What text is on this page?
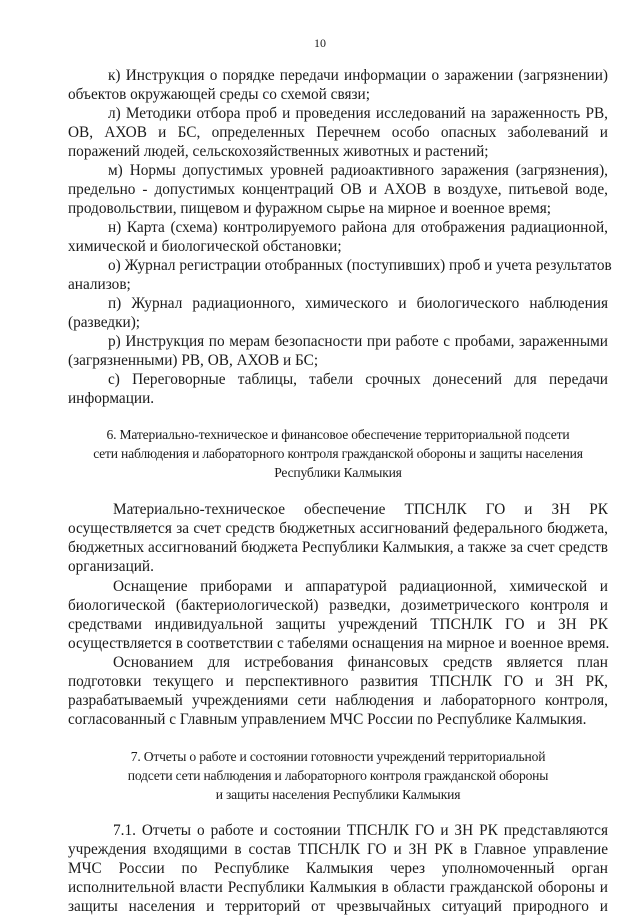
10
к) Инструкция о порядке передачи информации о заражении (загрязнении)
объектов окружающей среды со схемой связи;
л) Методики отбора проб и проведения исследований на зараженность РВ,
ОВ, АХОВ и БС, определенных Перечнем особо опасных заболеваний и
поражений людей, сельскохозяйственных животных и растений;
м) Нормы допустимых уровней радиоактивного заражения (загрязнения),
предельно - допустимых концентраций ОВ и АХОВ в воздухе, питьевой воде,
продовольствии, пищевом и фуражном сырье на мирное и военное время;
н) Карта (схема) контролируемого района для отображения радиационной,
химической и биологической обстановки;
о) Журнал регистрации отобранных (поступивших) проб и учета результатов
анализов;
п) Журнал радиационного, химического и биологического наблюдения
(разведки);
р) Инструкция по мерам безопасности при работе с пробами, зараженными
(загрязненными) РВ, ОВ, АХОВ и БС;
с) Переговорные таблицы, табели срочных донесений для передачи
информации.
6. Материально-техническое и финансовое обеспечение территориальной подсети
сети наблюдения и лабораторного контроля гражданской обороны и защиты населения
Республики Калмыкия
Материально-техническое обеспечение ТПСНЛК ГО и ЗН РК
осуществляется за счет средств бюджетных ассигнований федерального бюджета,
бюджетных ассигнований бюджета Республики Калмыкия, а также за счет средств
организаций.
Оснащение приборами и аппаратурой радиационной, химической и
биологической (бактериологической) разведки, дозиметрического контроля и
средствами индивидуальной защиты учреждений ТПСНЛК ГО и ЗН РК
осуществляется в соответствии с табелями оснащения на мирное и военное время.
Основанием для истребования финансовых средств является план
подготовки текущего и перспективного развития ТПСНЛК ГО и ЗН РК,
разрабатываемый учреждениями сети наблюдения и лабораторного контроля,
согласованный с Главным управлением МЧС России по Республике Калмыкия.
7. Отчеты о работе и состоянии готовности учреждений территориальной
подсети сети наблюдения и лабораторного контроля гражданской обороны
и защиты населения Республики Калмыкия
7.1. Отчеты о работе и состоянии ТПСНЛК ГО и ЗН РК представляются
учреждения входящими в состав ТПСНЛК ГО и ЗН РК в Главное управление
МЧС России по Республике Калмыкия через уполномоченный орган
исполнительной власти Республики Калмыкия в области гражданской обороны и
защиты населения и территорий от чрезвычайных ситуаций природного и
